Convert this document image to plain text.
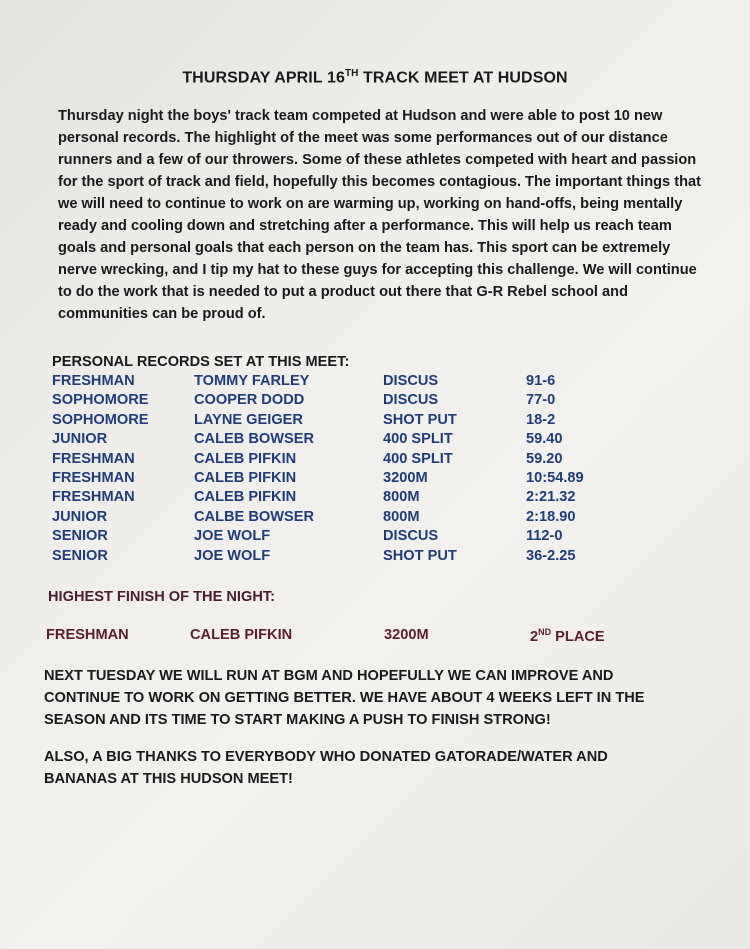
THURSDAY APRIL 16TH TRACK MEET AT HUDSON
Thursday night the boys' track team competed at Hudson and were able to post 10 new personal records. The highlight of the meet was some performances out of our distance runners and a few of our throwers. Some of these athletes competed with heart and passion for the sport of track and field, hopefully this becomes contagious. The important things that we will need to continue to work on are warming up, working on hand-offs, being mentally ready and cooling down and stretching after a performance. This will help us reach team goals and personal goals that each person on the team has. This sport can be extremely nerve wrecking, and I tip my hat to these guys for accepting this challenge. We will continue to do the work that is needed to put a product out there that G-R Rebel school and communities can be proud of.
PERSONAL RECORDS SET AT THIS MEET:
FRESHMAN	TOMMY FARLEY	DISCUS	91-6
SOPHOMORE	COOPER DODD	DISCUS	77-0
SOPHOMORE	LAYNE GEIGER	SHOT PUT	18-2
JUNIOR	CALEB BOWSER	400 SPLIT	59.40
FRESHMAN	CALEB PIFKIN	400 SPLIT	59.20
FRESHMAN	CALEB PIFKIN	3200M	10:54.89
FRESHMAN	CALEB PIFKIN	800M	2:21.32
JUNIOR	CALBE BOWSER	800M	2:18.90
SENIOR	JOE WOLF	DISCUS	112-0
SENIOR	JOE WOLF	SHOT PUT	36-2.25
HIGHEST FINISH OF THE NIGHT:
FRESHMAN	CALEB PIFKIN	3200M	2ND PLACE
NEXT TUESDAY WE WILL RUN AT BGM AND HOPEFULLY WE CAN IMPROVE AND CONTINUE TO WORK ON GETTING BETTER. WE HAVE ABOUT 4 WEEKS LEFT IN THE SEASON AND ITS TIME TO START MAKING A PUSH TO FINISH STRONG!
ALSO, A BIG THANKS TO EVERYBODY WHO DONATED GATORADE/WATER AND BANANAS AT THIS HUDSON MEET!
